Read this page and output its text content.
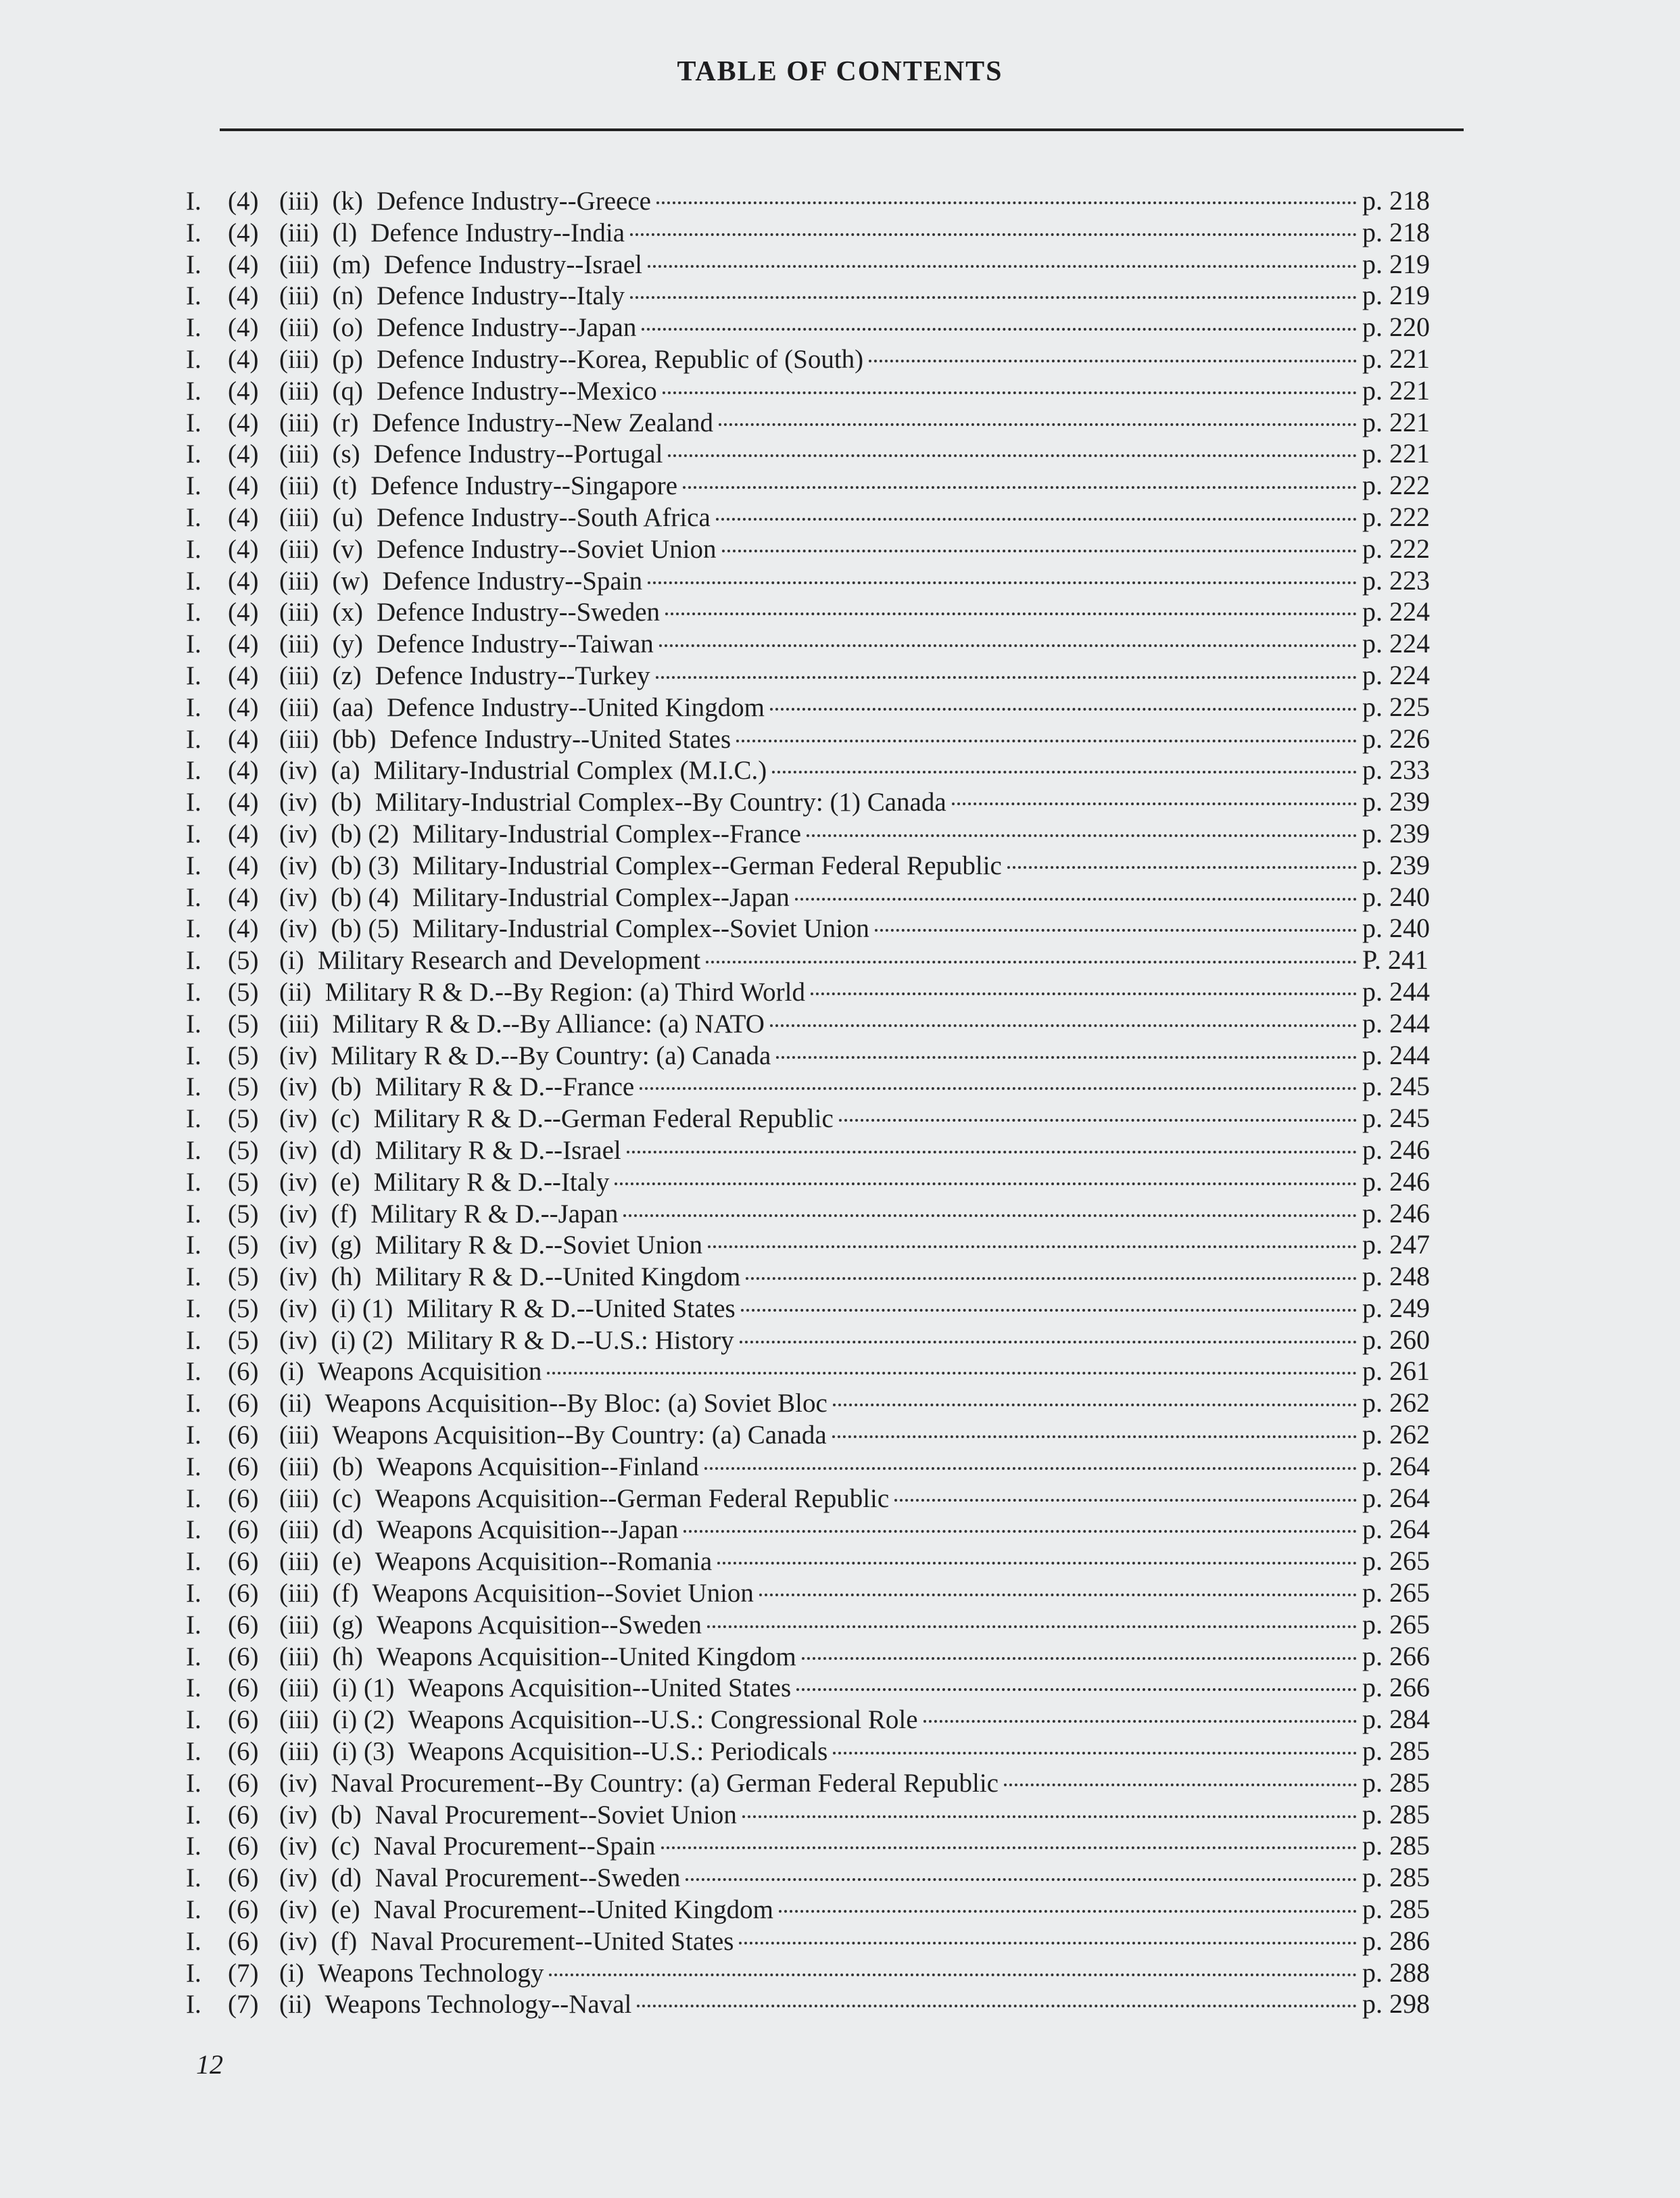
TABLE OF CONTENTS
I.	(4) (iii) (k) Defence Industry--Greece	p. 218
I.	(4) (iii) (l) Defence Industry--India	p. 218
I.	(4) (iii) (m) Defence Industry--Israel	p. 219
I.	(4) (iii) (n) Defence Industry--Italy	p. 219
I.	(4) (iii) (o) Defence Industry--Japan	p. 220
I.	(4) (iii) (p) Defence Industry--Korea, Republic of (South)	p. 221
I.	(4) (iii) (q) Defence Industry--Mexico	p. 221
I.	(4) (iii) (r) Defence Industry--New Zealand	p. 221
I.	(4) (iii) (s) Defence Industry--Portugal	p. 221
I.	(4) (iii) (t) Defence Industry--Singapore	p. 222
I.	(4) (iii) (u) Defence Industry--South Africa	p. 222
I.	(4) (iii) (v) Defence Industry--Soviet Union	p. 222
I.	(4) (iii) (w) Defence Industry--Spain	p. 223
I.	(4) (iii) (x) Defence Industry--Sweden	p. 224
I.	(4) (iii) (y) Defence Industry--Taiwan	p. 224
I.	(4) (iii) (z) Defence Industry--Turkey	p. 224
I.	(4) (iii) (aa) Defence Industry--United Kingdom	p. 225
I.	(4) (iii) (bb) Defence Industry--United States	p. 226
I.	(4) (iv) (a) Military-Industrial Complex (M.I.C.)	p. 233
I.	(4) (iv) (b) Military-Industrial Complex--By Country: (1) Canada	p. 239
I.	(4) (iv) (b) (2) Military-Industrial Complex--France	p. 239
I.	(4) (iv) (b) (3) Military-Industrial Complex--German Federal Republic	p. 239
I.	(4) (iv) (b) (4) Military-Industrial Complex--Japan	p. 240
I.	(4) (iv) (b) (5) Military-Industrial Complex--Soviet Union	p. 240
I.	(5) (i) Military Research and Development	P. 241
I.	(5) (ii) Military R & D.--By Region: (a) Third World	p. 244
I.	(5) (iii) Military R & D.--By Alliance: (a) NATO	p. 244
I.	(5) (iv) Military R & D.--By Country: (a) Canada	p. 244
I.	(5) (iv) (b) Military R & D.--France	p. 245
I.	(5) (iv) (c) Military R & D.--German Federal Republic	p. 245
I.	(5) (iv) (d) Military R & D.--Israel	p. 246
I.	(5) (iv) (e) Military R & D.--Italy	p. 246
I.	(5) (iv) (f) Military R & D.--Japan	p. 246
I.	(5) (iv) (g) Military R & D.--Soviet Union	p. 247
I.	(5) (iv) (h) Military R & D.--United Kingdom	p. 248
I.	(5) (iv) (i) (1) Military R & D.--United States	p. 249
I.	(5) (iv) (i) (2) Military R & D.--U.S.: History	p. 260
I.	(6) (i) Weapons Acquisition	p. 261
I.	(6) (ii) Weapons Acquisition--By Bloc: (a) Soviet Bloc	p. 262
I.	(6) (iii) Weapons Acquisition--By Country: (a) Canada	p. 262
I.	(6) (iii) (b) Weapons Acquisition--Finland	p. 264
I.	(6) (iii) (c) Weapons Acquisition--German Federal Republic	p. 264
I.	(6) (iii) (d) Weapons Acquisition--Japan	p. 264
I.	(6) (iii) (e) Weapons Acquisition--Romania	p. 265
I.	(6) (iii) (f) Weapons Acquisition--Soviet Union	p. 265
I.	(6) (iii) (g) Weapons Acquisition--Sweden	p. 265
I.	(6) (iii) (h) Weapons Acquisition--United Kingdom	p. 266
I.	(6) (iii) (i) (1) Weapons Acquisition--United States	p. 266
I.	(6) (iii) (i) (2) Weapons Acquisition--U.S.: Congressional Role	p. 284
I.	(6) (iii) (i) (3) Weapons Acquisition--U.S.: Periodicals	p. 285
I.	(6) (iv) Naval Procurement--By Country: (a) German Federal Republic	p. 285
I.	(6) (iv) (b) Naval Procurement--Soviet Union	p. 285
I.	(6) (iv) (c) Naval Procurement--Spain	p. 285
I.	(6) (iv) (d) Naval Procurement--Sweden	p. 285
I.	(6) (iv) (e) Naval Procurement--United Kingdom	p. 285
I.	(6) (iv) (f) Naval Procurement--United States	p. 286
I.	(7) (i) Weapons Technology	p. 288
I.	(7) (ii) Weapons Technology--Naval	p. 298
12
